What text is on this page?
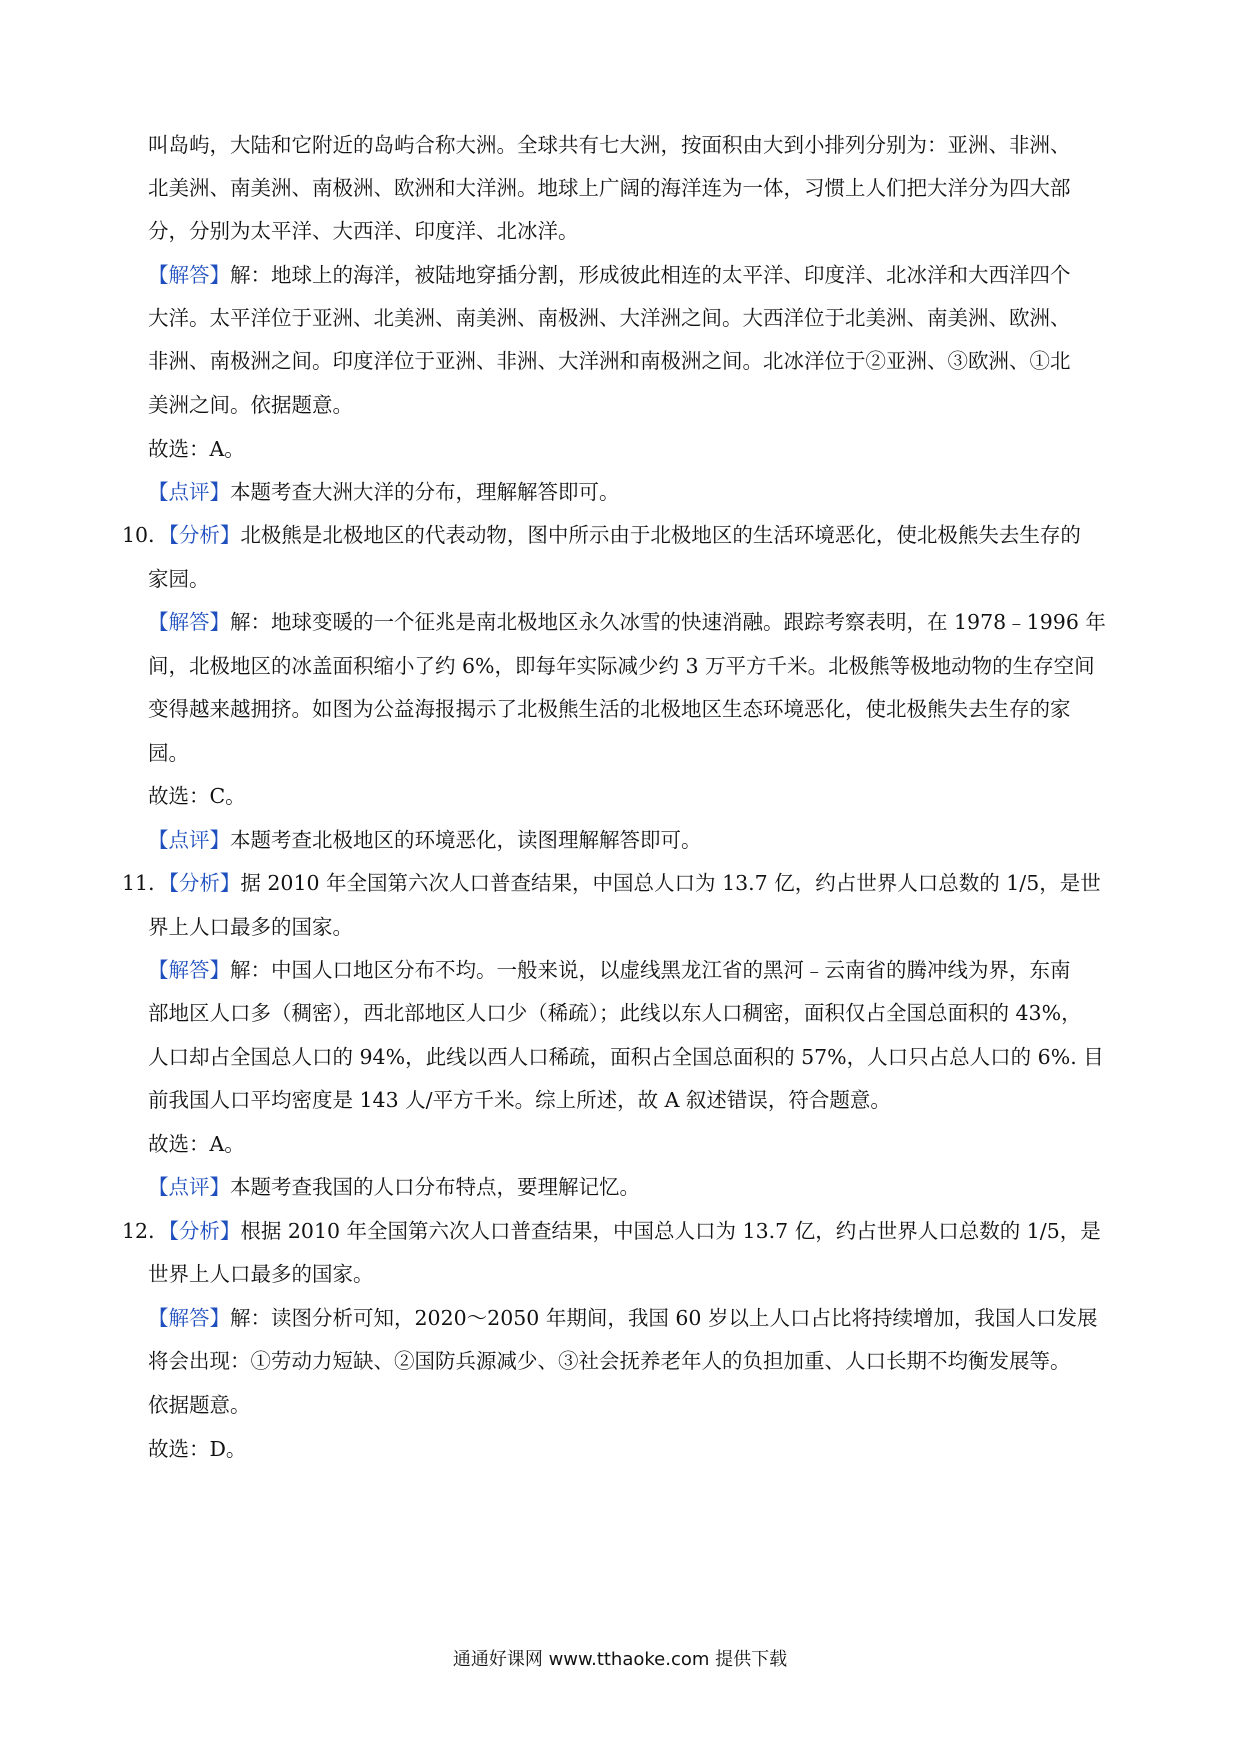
叫岛屿，大陆和它附近的岛屿合称大洲。全球共有七大洲，按面积由大到小排列分别为：亚洲、非洲、
北美洲、南美洲、南极洲、欧洲和大洋洲。地球上广阔的海洋连为一体，习惯上人们把大洋分为四大部
分，分别为太平洋、大西洋、印度洋、北冰洋。
【解答】解：地球上的海洋，被陆地穿插分割，形成彼此相连的太平洋、印度洋、北冰洋和大西洋四个
大洋。太平洋位于亚洲、北美洲、南美洲、南极洲、大洋洲之间。大西洋位于北美洲、南美洲、欧洲、
非洲、南极洲之间。印度洋位于亚洲、非洲、大洋洲和南极洲之间。北冰洋位于②亚洲、③欧洲、①北
美洲之间。依据题意。
故选：A。
【点评】本题考查大洲大洋的分布，理解解答即可。
10．【分析】北极熊是北极地区的代表动物，图中所示由于北极地区的生活环境恶化，使北极熊失去生存的
家园。
【解答】解：地球变暖的一个征兆是南北极地区永久冰雪的快速消融。跟踪考察表明，在 1978﹣1996 年
间，北极地区的冰盖面积缩小了约 6%，即每年实际减少约 3 万平方千米。北极熊等极地动物的生存空间
变得越来越拥挤。如图为公益海报揭示了北极熊生活的北极地区生态环境恶化，使北极熊失去生存的家
园。
故选：C。
【点评】本题考查北极地区的环境恶化，读图理解解答即可。
11．【分析】据 2010 年全国第六次人口普查结果，中国总人口为 13.7 亿，约占世界人口总数的 1/5，是世
界上人口最多的国家。
【解答】解：中国人口地区分布不均。一般来说，以虚线黑龙江省的黑河﹣云南省的腾冲线为界，东南
部地区人口多（稠密），西北部地区人口少（稀疏）；此线以东人口稠密，面积仅占全国总面积的 43%，
人口却占全国总人口的 94%，此线以西人口稀疏，面积占全国总面积的 57%，人口只占总人口的 6%. 目
前我国人口平均密度是 143 人/平方千米。综上所述，故 A 叙述错误，符合题意。
故选：A。
【点评】本题考查我国的人口分布特点，要理解记忆。
12．【分析】根据 2010 年全国第六次人口普查结果，中国总人口为 13.7 亿，约占世界人口总数的 1/5，是
世界上人口最多的国家。
【解答】解：读图分析可知，2020～2050 年期间，我国 60 岁以上人口占比将持续增加，我国人口发展
将会出现：①劳动力短缺、②国防兵源减少、③社会抚养老年人的负担加重、人口长期不均衡发展等。
依据题意。
故选：D。
通通好课网 www.tthaoke.com 提供下载
